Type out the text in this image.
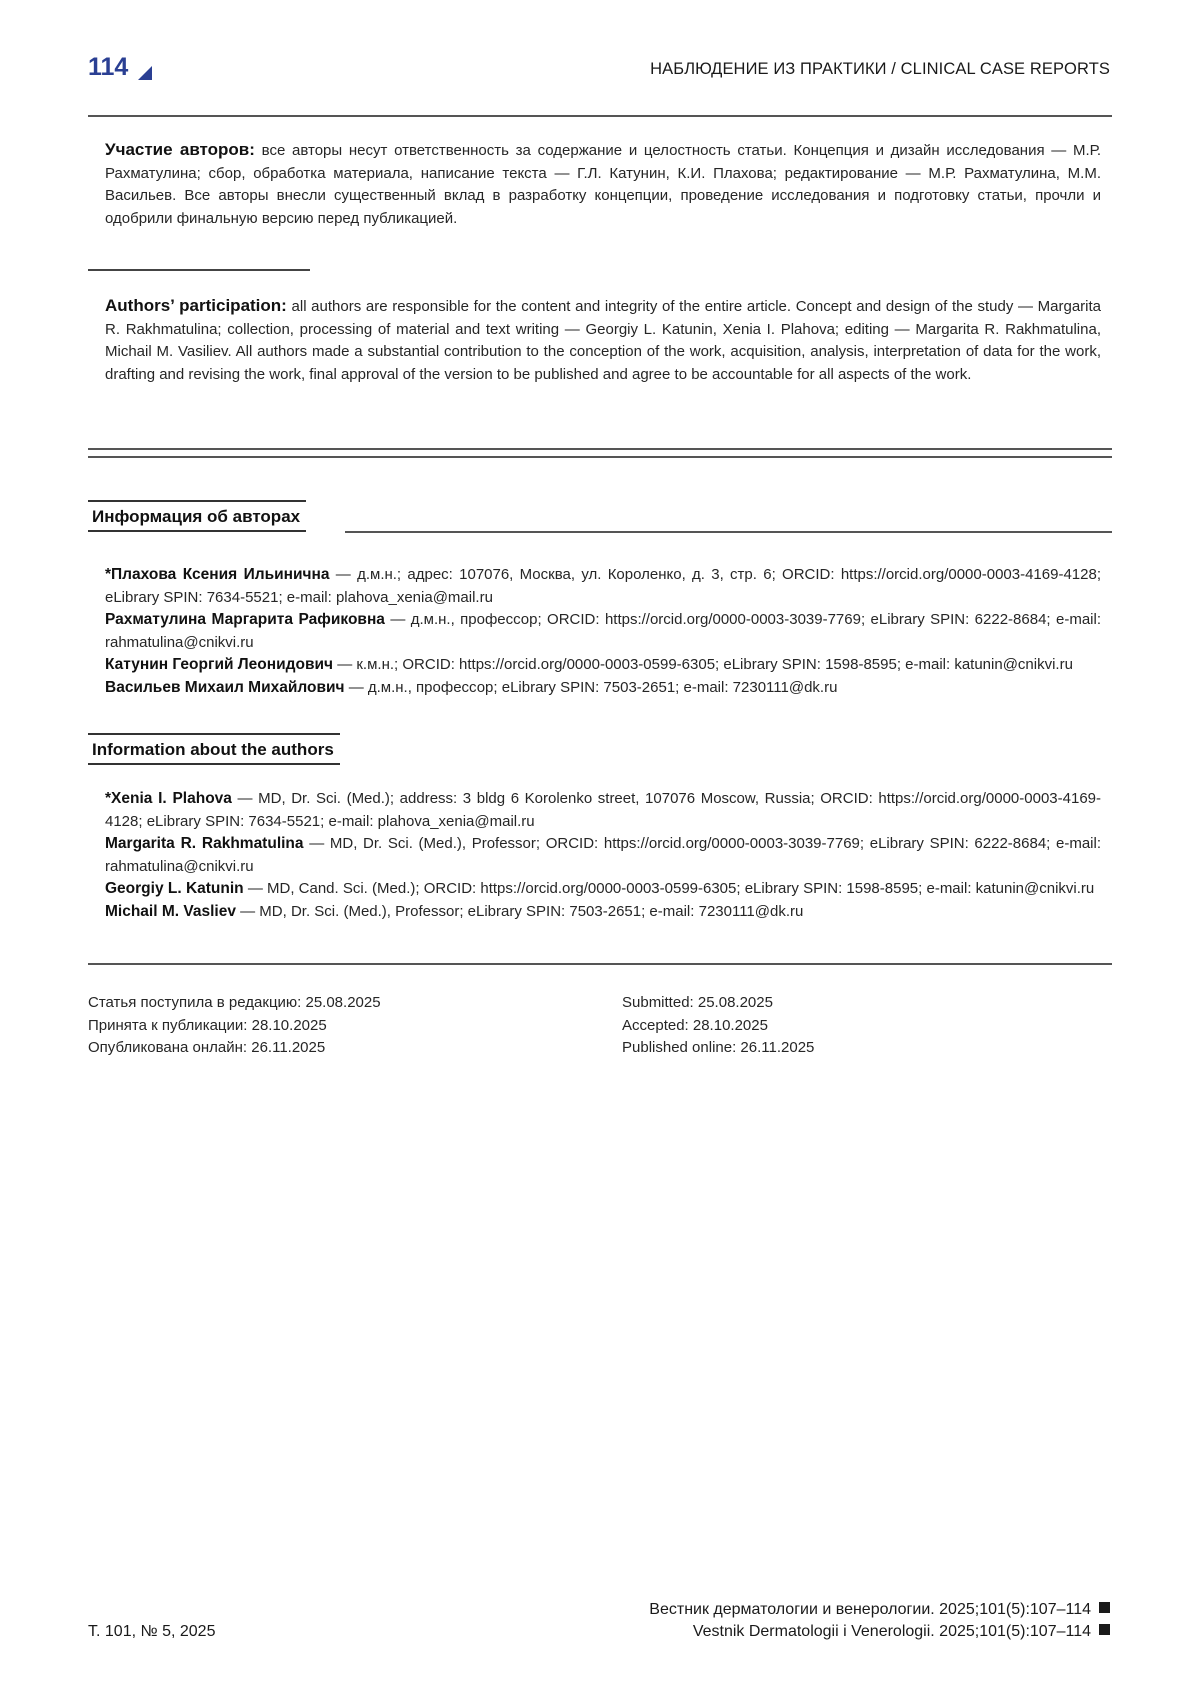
114	НАБЛЮДЕНИЕ ИЗ ПРАКТИКИ / CLINICAL CASE REPORTS
Участие авторов: все авторы несут ответственность за содержание и целостность статьи. Концепция и дизайн исследования — М.Р. Рахматулина; сбор, обработка материала, написание текста — Г.Л. Катунин, К.И. Плахова; редактирование — М.Р. Рахматулина, М.М. Васильев. Все авторы внесли существенный вклад в разработку концепции, проведение исследования и подготовку статьи, прочли и одобрили финальную версию перед публикацией.
Authors’ participation: all authors are responsible for the content and integrity of the entire article. Concept and design of the study — Margarita R. Rakhmatulina; collection, processing of material and text writing — Georgiy L. Katunin, Xenia I. Plahova; editing — Margarita R. Rakhmatulina, Michail M. Vasiliev. All authors made a substantial contribution to the conception of the work, acquisition, analysis, interpretation of data for the work, drafting and revising the work, final approval of the version to be published and agree to be accountable for all aspects of the work.
Информация об авторах

*Плахова Ксения Ильинична — д.м.н.; адрес: 107076, Москва, ул. Короленко, д. 3, стр. 6; ORCID: https://orcid.org/0000-0003-4169-4128; eLibrary SPIN: 7634-5521; e-mail: plahova_xenia@mail.ru

Рахматулина Маргарита Рафиковна — д.м.н., профессор; ORCID: https://orcid.org/0000-0003-3039-7769; eLibrary SPIN: 6222-8684; e-mail: rahmatulina@cnikvi.ru

Катунин Георгий Леонидович — к.м.н.; ORCID: https://orcid.org/0000-0003-0599-6305; eLibrary SPIN: 1598-8595; e-mail: katunin@cnikvi.ru

Васильев Михаил Михайлович — д.м.н., профессор; eLibrary SPIN: 7503-2651; e-mail: 7230111@dk.ru

Information about the authors

*Xenia I. Plahova — MD, Dr. Sci. (Med.); address: 3 bldg 6 Korolenko street, 107076 Moscow, Russia; ORCID: https://orcid.org/0000-0003-4169-4128; eLibrary SPIN: 7634-5521; e-mail: plahova_xenia@mail.ru

Margarita R. Rakhmatulina — MD, Dr. Sci. (Med.), Professor; ORCID: https://orcid.org/0000-0003-3039-7769; eLibrary SPIN: 6222-8684; e-mail: rahmatulina@cnikvi.ru

Georgiy L. Katunin — MD, Cand. Sci. (Med.); ORCID: https://orcid.org/0000-0003-0599-6305; eLibrary SPIN: 1598-8595; e-mail: katunin@cnikvi.ru

Michail M. Vasliev — MD, Dr. Sci. (Med.), Professor; eLibrary SPIN: 7503-2651; e-mail: 7230111@dk.ru

Статья поступила в редакцию: 25.08.2025
Принята к публикации: 28.10.2025
Опубликована онлайн: 26.11.2025
Submitted: 25.08.2025
Accepted: 28.10.2025
Published online: 26.11.2025
Т. 101, № 5, 2025
Вестник дерматологии и венерологии. 2025;101(5):107–114
Vestnik Dermatologii i Venerologii. 2025;101(5):107–114
